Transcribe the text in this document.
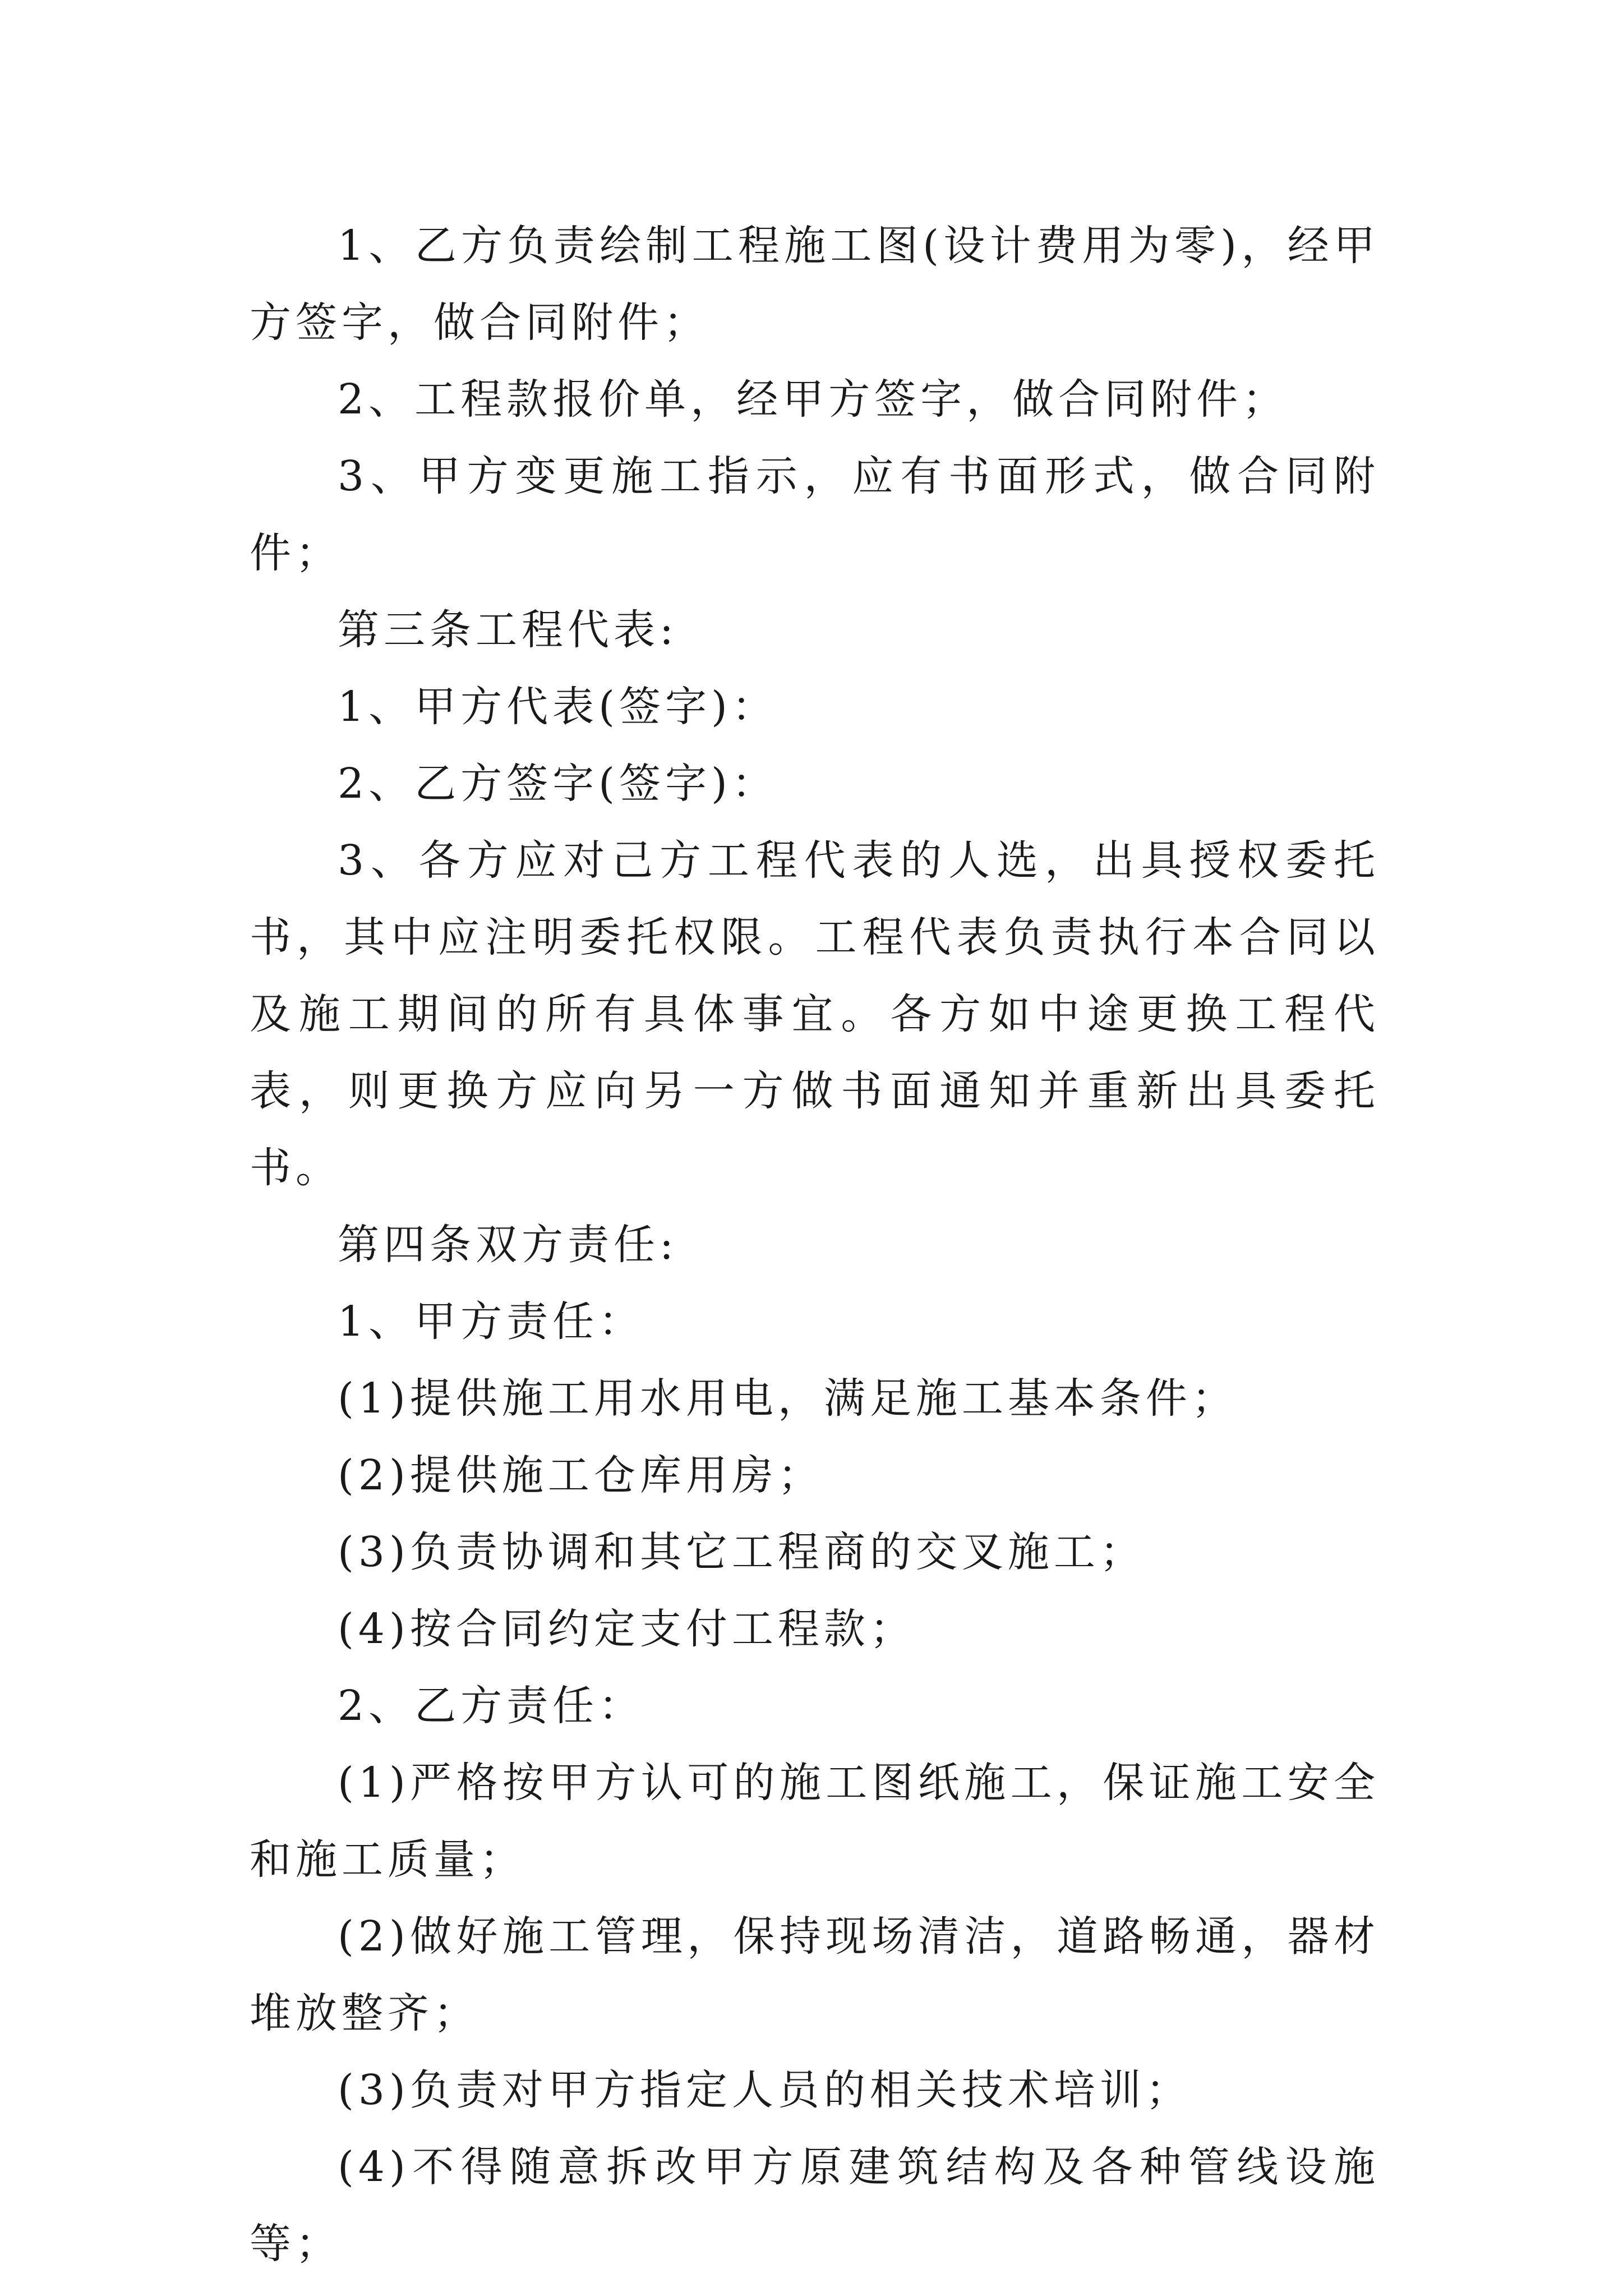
1、乙方负责绘制工程施工图(设计费用为零)，经甲方签字，做合同附件；

2、工程款报价单，经甲方签字，做合同附件；

3、甲方变更施工指示，应有书面形式，做合同附件；

第三条工程代表:

1、甲方代表(签字)：

2、乙方签字(签字)：

3、各方应对己方工程代表的人选，出具授权委托书，其中应注明委托权限。工程代表负责执行本合同以及施工期间的所有具体事宜。各方如中途更换工程代表，则更换方应向另一方做书面通知并重新出具委托书。

第四条双方责任:

1、甲方责任：

(1)提供施工用水用电，满足施工基本条件；

(2)提供施工仓库用房；

(3)负责协调和其它工程商的交叉施工；

(4)按合同约定支付工程款；

2、乙方责任：

(1)严格按甲方认可的施工图纸施工，保证施工安全和施工质量；

(2)做好施工管理，保持现场清洁，道路畅通，器材堆放整齐；

(3)负责对甲方指定人员的相关技术培训；

(4)不得随意拆改甲方原建筑结构及各种管线设施等；
